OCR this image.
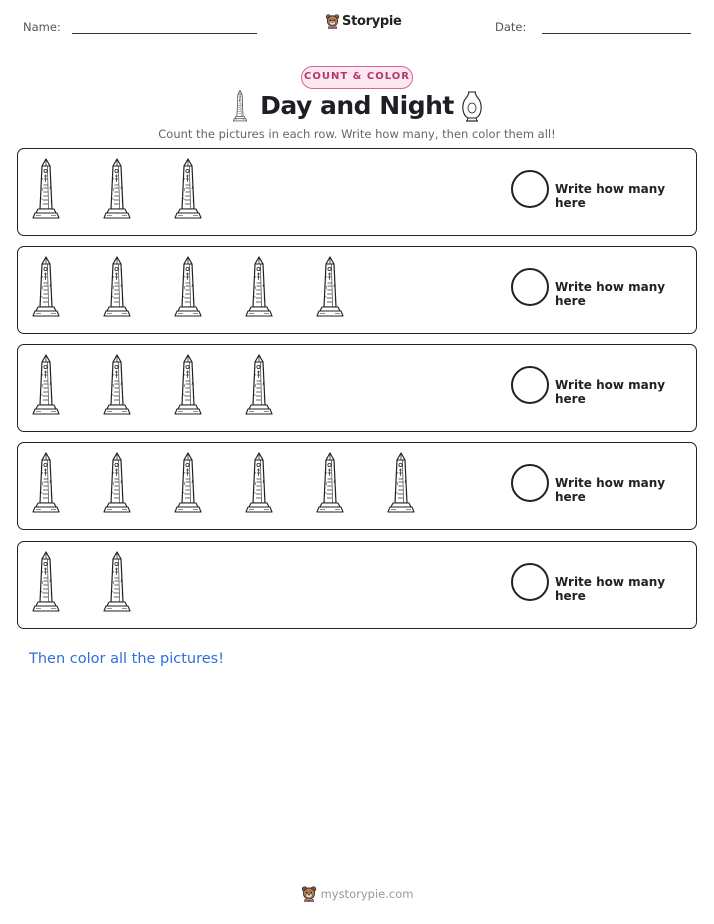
Name:	Storypie	Date:
COUNT & COLOR
Day and Night
Count the pictures in each row. Write how many, then color them all!
Write how many here
Write how many here
Write how many here
Write how many here
Write how many here
Then color all the pictures!
mystorypie.com
